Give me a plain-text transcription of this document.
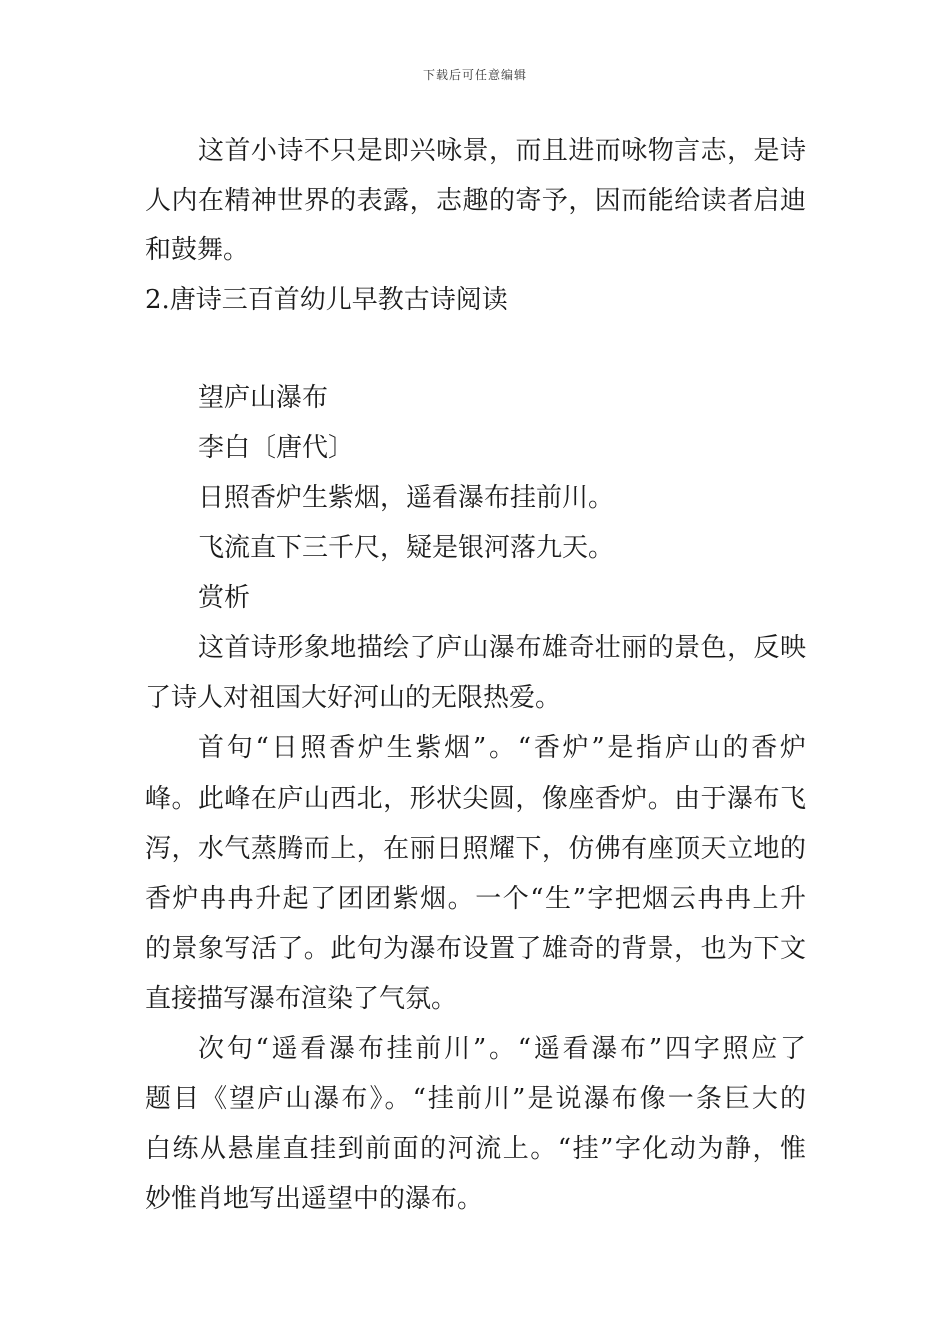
下载后可任意编辑
这首小诗不只是即兴咏景，而且进而咏物言志，是诗
人内在精神世界的表露，志趣的寄予，因而能给读者启迪
和鼓舞。
2.唐诗三百首幼儿早教古诗阅读
望庐山瀑布
李白〔唐代〕
日照香炉生紫烟，遥看瀑布挂前川。
飞流直下三千尺，疑是银河落九天。
赏析
这首诗形象地描绘了庐山瀑布雄奇壮丽的景色，反映
了诗人对祖国大好河山的无限热爱。
首句“日照香炉生紫烟”。“香炉”是指庐山的香炉
峰。此峰在庐山西北，形状尖圆，像座香炉。由于瀑布飞
泻，水气蒸腾而上，在丽日照耀下，仿佛有座顶天立地的
香炉冉冉升起了团团紫烟。一个“生”字把烟云冉冉上升
的景象写活了。此句为瀑布设置了雄奇的背景，也为下文
直接描写瀑布渲染了气氛。
次句“遥看瀑布挂前川”。“遥看瀑布”四字照应了
题目《望庐山瀑布》。“挂前川”是说瀑布像一条巨大的
白练从悬崖直挂到前面的河流上。“挂”字化动为静，惟
妙惟肖地写出遥望中的瀑布。
